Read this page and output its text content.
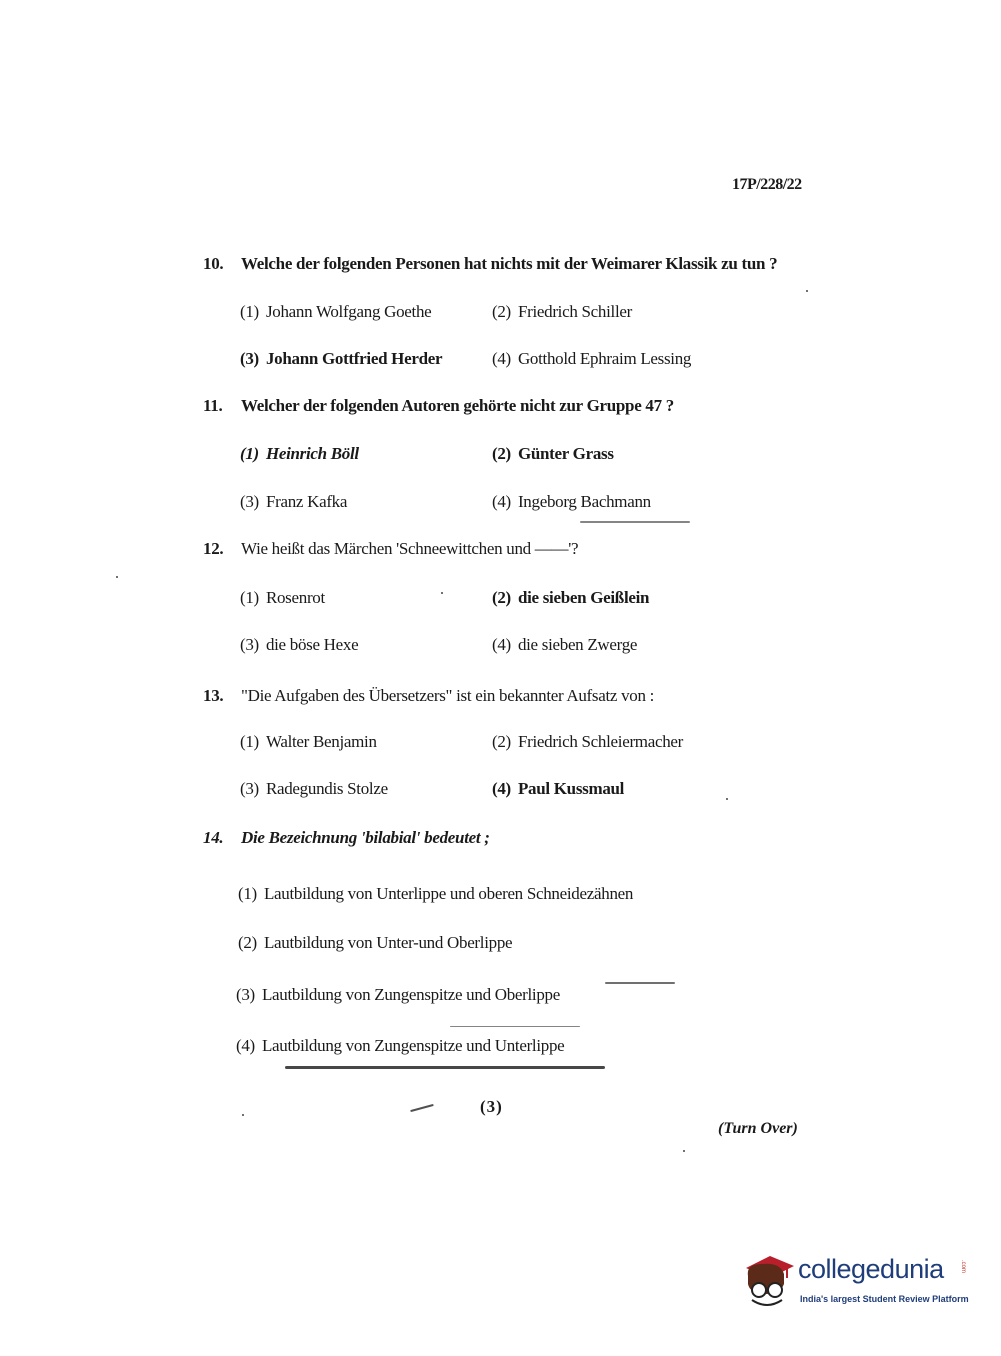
17P/228/22
10. Welche der folgenden Personen hat nichts mit der Weimarer Klassik zu tun ?
(1) Johann Wolfgang Goethe	(2) Friedrich Schiller
(3) Johann Gottfried Herder	(4) Gotthold Ephraim Lessing
11. Welcher der folgenden Autoren gehörte nicht zur Gruppe 47 ?
(1) Heinrich Böll	(2) Günter Grass
(3) Franz Kafka	(4) Ingeborg Bachmann
12. Wie heißt das Märchen 'Schneewittchen und ——'?
(1) Rosenrot	(2) die sieben Geißlein
(3) die böse Hexe	(4) die sieben Zwerge
13. "Die Aufgaben des Übersetzers" ist ein bekannter Aufsatz von :
(1) Walter Benjamin	(2) Friedrich Schleiermacher
(3) Radegundis Stolze	(4) Paul Kussmaul
14. Die Bezeichnung 'bilabial' bedeutet ;
(1) Lautbildung von Unterlippe und oberen Schneidezähnen
(2) Lautbildung von Unter-und Oberlippe
(3) Lautbildung von Zungenspitze und Oberlippe
(4) Lautbildung von Zungenspitze und Unterlippe
(3)
(Turn Over)
collegedunia	.com
India's largest Student Review Platform
